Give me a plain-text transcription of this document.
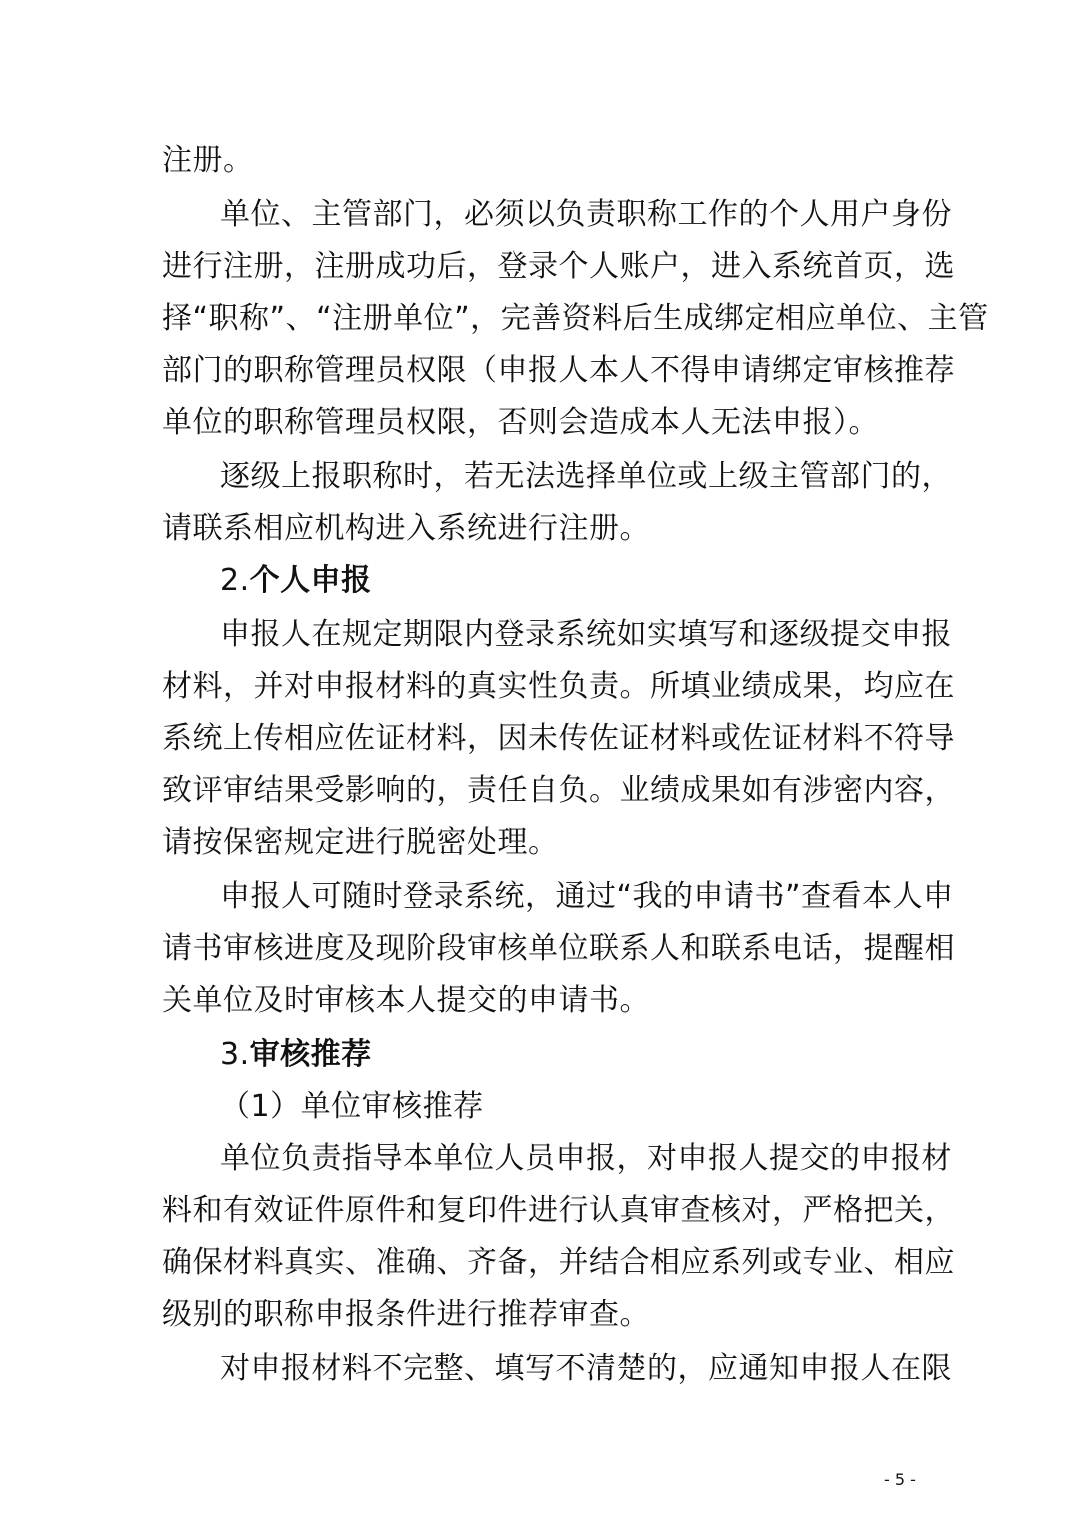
注册。
单位、主管部门，必须以负责职称工作的个人用户身份
进行注册，注册成功后，登录个人账户，进入系统首页，选
择“职称”、“注册单位”，完善资料后生成绑定相应单位、主管
部门的职称管理员权限（申报人本人不得申请绑定审核推荐
单位的职称管理员权限，否则会造成本人无法申报）。
逐级上报职称时，若无法选择单位或上级主管部门的，
请联系相应机构进入系统进行注册。
2.个人申报
申报人在规定期限内登录系统如实填写和逐级提交申报
材料，并对申报材料的真实性负责。所填业绩成果，均应在
系统上传相应佐证材料，因未传佐证材料或佐证材料不符导
致评审结果受影响的，责任自负。业绩成果如有涉密内容，
请按保密规定进行脱密处理。
申报人可随时登录系统，通过“我的申请书”查看本人申
请书审核进度及现阶段审核单位联系人和联系电话，提醒相
关单位及时审核本人提交的申请书。
3.审核推荐
（1）单位审核推荐
单位负责指导本单位人员申报，对申报人提交的申报材
料和有效证件原件和复印件进行认真审查核对，严格把关，
确保材料真实、准确、齐备，并结合相应系列或专业、相应
级别的职称申报条件进行推荐审查。
对申报材料不完整、填写不清楚的，应通知申报人在限
- 5 -
